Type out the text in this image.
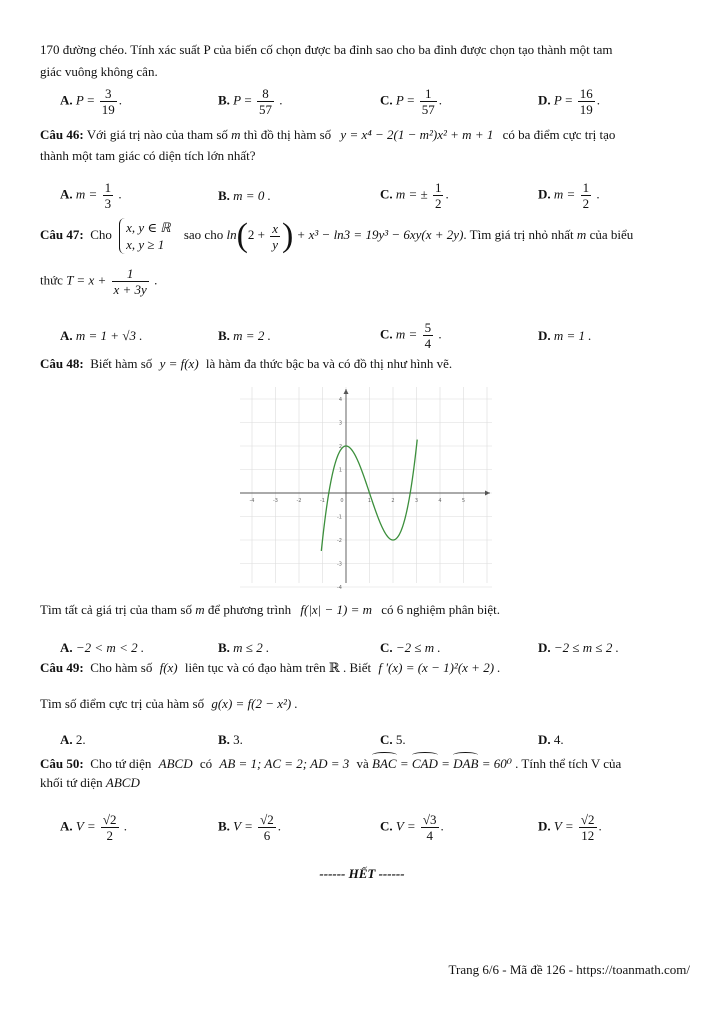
170 đường chéo. Tính xác suất P của biến cố chọn được ba đỉnh sao cho ba đỉnh được chọn tạo thành một tam
giác vuông không cân.
A. $P = \frac{3}{19}$ .	B. $P = \frac{8}{57}$ .	C. $P = \frac{1}{57}$ .	D. $P = \frac{16}{19}$ .
Câu 46: Với giá trị nào của tham số m thì đồ thị hàm số y = x⁴ − 2(1 − m²)x² + m + 1 có ba điểm cực trị tạo
thành một tam giác có diện tích lớn nhất?
A. $m = \frac{1}{3}$ .	B. m = 0 .	C. m = ± $\frac{1}{2}$ .	D. $m = \frac{1}{2}$ .
Câu 47: Cho x, y ∈ ℝ
x, y ≥ 1 sao cho $\ln(2 + \frac{x}{y}$ ) + x³ − ln3 = 19y³ − 6xy(x + 2y). Tìm giá trị nhỏ nhất m của biểu
thức $T = x + \frac{1}{x + 3y}$ .
A. m = 1 + √3 .	B. m = 2 .	C. $m = \frac{5}{4}$ .	D. m = 1 .
Câu 48: Biết hàm số y = f(x) là hàm đa thức bậc ba và có đồ thị như hình vẽ.
-4	-3	-2	-1	0	1	2	3	4	5
4
3
2
1
-1
-2
-3
-4
Tìm tất cả giá trị của tham số m để phương trình f(|x| − 1) = m có 6 nghiệm phân biệt.
A. −2 < m < 2 .	B. m ≤ 2 .	C. −2 ≤ m .	D. −2 ≤ m ≤ 2 .
Câu 49: Cho hàm số f(x) liên tục và có đạo hàm trên ℝ . Biết f '(x) = (x − 1)²(x + 2) .
Tìm số điểm cực trị của hàm số g(x) = f(2 − x²) .
A. 2.	B. 3.	C. 5.	D. 4.
Câu 50: Cho tứ diện ABCD có AB = 1; AC = 2; AD = 3 và BAC = CAD = DAB = 60⁰ . Tính thể tích V của
khối tứ diện ABCD
A. $V = \frac{√2}{2}$ .	B. $V = \frac{√2}{6}$ .	C. $V = \frac{√3}{4}$ .	D. $V = \frac{√2}{12}$ .
------ HẾT ------
Trang 6/6 - Mã đề 126 - https://toanmath.com/
